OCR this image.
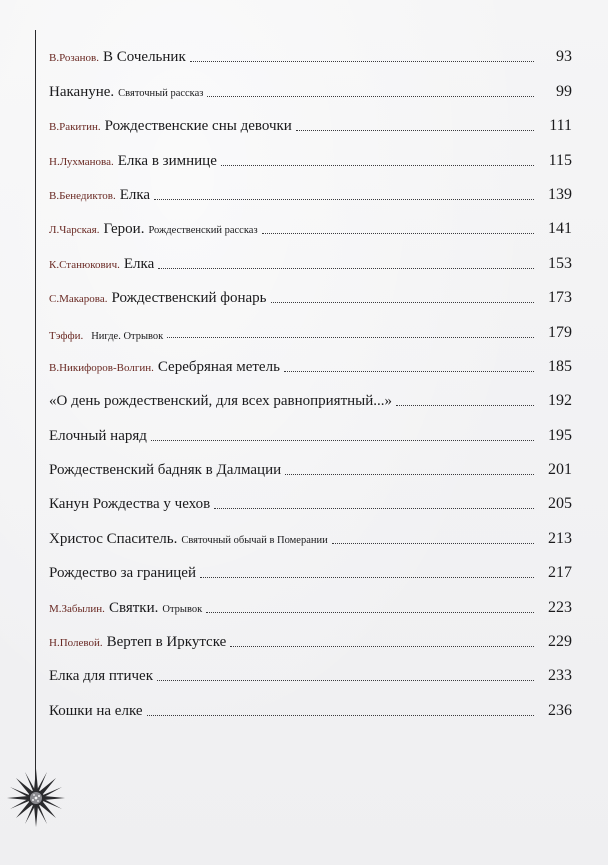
В.Розанов. В Сочельник	93
Накануне. Святочный рассказ	99
В.Ракитин. Рождественские сны девочки	111
Н.Лухманова. Елка в зимнице	115
В.Бенедиктов. Елка	139
Л.Чарская. Герои. Рождественский рассказ	141
К.Станюкович. Елка	153
С.Макарова. Рождественский фонарь	173
Тэффи. Нигде. Отрывок	179
В.Никифоров-Волгин. Серебряная метель	185
«О день рождественский, для всех равноприятный...»	192
Елочный наряд	195
Рождественский бадняк в Далмации	201
Канун Рождества у чехов	205
Христос Спаситель. Святочный обычай в Померании	213
Рождество за границей	217
М.Забылин. Святки. Отрывок	223
Н.Полевой. Вертеп в Иркутске	229
Елка для птичек	233
Кошки на елке	236
